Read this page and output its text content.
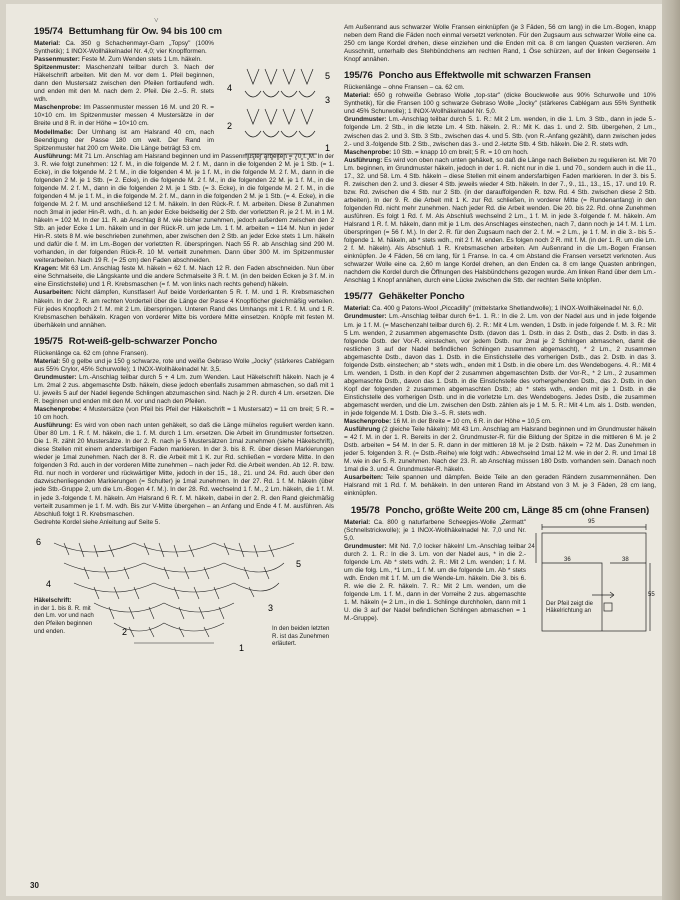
˅
195/74 Bettumhang für Ow. 94 bis 100 cm
5
3
1
4
2
Material: Ca. 350 g Schachenmayr-Garn „Topsy" (100% Synthetik); 1 INOX-Wollhäkelnadel Nr. 4,0; vier Knopfformen.
Passenmuster: Feste M. Zum Wenden stets 1 Lm. häkeln.
Spitzenmuster: Maschenzahl teilbar durch 3. Nach der Häkelschrift arbeiten. Mit den M. vor dem 1. Pfeil beginnen, dann den Mustersatz zwischen den Pfeilen fortlaufend wdh. und enden mit den M. nach dem 2. Pfeil. Die 2.–5. R. stets wdh.
Maschenprobe: Im Passenmuster messen 16 M. und 20 R. = 10×10 cm. Im Spitzenmuster messen 4 Mustersätze in der Breite und 8 R. in der Höhe = 10×10 cm.
Modellmaße: Der Umhang ist am Halsrand 40 cm, nach Beendigung der Passe 180 cm weit. Der Rand im Spitzenmuster hat 200 cm Weite. Die Länge beträgt 53 cm.
Ausführung: Mit 71 Lm. Anschlag am Halsrand beginnen und im Passenmuster arbeiten = 70 f. M. In der 3. R. wie folgt zunehmen: 12 f. M., in die folgende M. 2 f. M., dann in die folgenden 2 M. je 1 Stb. (= 1. Ecke), in die folgende M. 2 f. M., in die folgenden 4 M. je 1 f. M., in die folgende M. 2 f. M., dann in die folgenden 2 M. je 1 Stb. (= 2. Ecke), in die folgende M. 2 f. M., in die folgenden 22 M. je 1 f. M., in die folgende M. 2 f. M., dann in die folgenden 2 M. je 1 Stb. (= 3. Ecke), in die folgende M. 2 f. M., in die folgenden 4 M. je 1 f. M., in die folgende M. 2 f. M., dann in die folgenden 2 M. je 1 Stb. (= 4. Ecke), in die folgende M. 2 f. M. und anschließend 12 f. M. häkeln. In den Rück-R. f. M. arbeiten. Diese 8 Zunahmen noch 3mal in jeder Hin-R. wdh., d. h. an jeder Ecke beidseitig der 2 Stb. der vorletzten R. je 2 f. M. in 1 M. häkeln = 102 M. In der 11. R. ab Anschlag 8 M. wie bisher zunehmen, jedoch außerdem zwischen den 2 Stb. an jeder Ecke 1 Lm. häkeln und in der Rück-R. um jede Lm. 1 f. M. arbeiten = 114 M. Nun in jeder Hin-R. stets 8 M. wie beschrieben zunehmen, aber zwischen den 2 Stb. an jeder Ecke stets 1 Lm. häkeln und dafür die f. M. im Lm.-Bogen der vorletzten R. überspringen. Nach 55 R. ab Anschlag sind 290 M. vorhanden, in der folgenden Rück-R. 10 M. verteilt zunehmen. Dann über 300 M. im Spitzenmuster weiterarbeiten. Nach 19 R. (= 25 cm) den Faden abschneiden.
Kragen: Mit 63 Lm. Anschlag feste M. häkeln = 62 f. M. Nach 12 R. den Faden abschneiden. Nun über eine Schmalseite, die Längskante und die andere Schmalseite 3 R. f. M. (in den beiden Ecken je 3 f. M. in eine Einstichstelle) und 1 R. Krebsmaschen (= f. M. von links nach rechts gehend) häkeln.
Ausarbeiten: Nicht dämpfen, Kunstfaser! Auf beide Vorderkanten 5 R. f. M. und 1 R. Krebsmaschen häkeln. In der 2. R. am rechten Vorderteil über die Länge der Passe 4 Knopflöcher gleichmäßig verteilen. Für jedes Knopfloch 2 f. M. mit 2 Lm. überspringen. Unteren Rand des Umhangs mit 1 R. f. M. und 1 R. Krebsmaschen behäkeln. Kragen von vorderer Mitte bis vordere Mitte einsetzen. Knöpfe mit festen M. überhäkeln und annähen.
195/75 Rot-weiß-gelb-schwarzer Poncho
Rückenlänge ca. 62 cm (ohne Fransen).
Material: 50 g gelbe und je 150 g schwarze, rote und weiße Gebraso Wolle „Jocky" (stärkeres Cablégarn aus 55% Crylor, 45% Schurwolle); 1 INOX-Wollhäkelnadel Nr. 3,5.
Grundmuster: Lm.-Anschlag teilbar durch 5 + 4 Lm. zum Wenden. Laut Häkelschrift häkeln. Nach je 4 Lm. 2mal 2 zus. abgemaschte Dstb. häkeln, diese jedoch ebenfalls zusammen abmaschen, so daß mit 1 U. jeweils 5 auf der Nadel liegende Schlingen abzumaschen sind. Nach je 2 R. durch 4 Lm. ersetzen. Die R. beginnen und enden mit den M. vor und nach den Pfeilen.
Maschenprobe: 4 Mustersätze (von Pfeil bis Pfeil der Häkelschrift = 1 Mustersatz) = 11 cm breit; 5 R. = 10 cm hoch.
Ausführung: Es wird von oben nach unten gehäkelt, so daß die Länge mühelos reguliert werden kann. Über 80 Lm. 1 R. f. M. häkeln, die 1. f. M. durch 1 Lm. ersetzen. Die Arbeit im Grundmuster fortsetzen. Die 1. R. zählt 20 Mustersätze. In der 2. R. nach je 5 Mustersätzen 1mal zunehmen (siehe Häkelschrift), diese Stellen mit einem andersfarbigen Faden markieren. In der 3. bis 8. R. über diesen Markierungen wieder je 1mal zunehmen. Nach der 8. R. die Arbeit mit 1 K. zur Rd. schließen = vordere Mitte. In den folgenden 3 Rd. auch in der vorderen Mitte zunehmen – nach jeder Rd. die Arbeit wenden. Ab 12. R. bzw. Rd. nur noch in vorderer und rückwärtiger Mitte, jedoch in der 15., 18., 21. und 24. Rd. auch über den dazwischenliegenden Markierungen (= Schulter) je 1mal zunehmen. In der 27. Rd. 1 f. M. häkeln (über jede Stb.-Gruppe 2, um die Lm.-Bogen 4 f. M.). In der 28. Rd. wechselnd 1 f. M., 2 Lm. häkeln, die 1 f. M. in jede 3.-folgende f. M. häkeln. Am Halsrand 6 R. f. M. häkeln, dabei in der 2. R. den Rand gleichmäßig verteilt zusammen je 1 f. M. wdh. Bis zur V-Mitte übergehen – an Anfang und Ende 4 f. M. ausführen. Als Abschluß folgt 1 R. Krebsmaschen.
Gedrehte Kordel siehe Anleitung auf Seite 5.
6
4
2
5
3
1
Häkelschrift:
in der 1. bis 8. R. mit den Lm. vor und nach den Pfeilen beginnen und enden.	In den beiden letzten R. ist das Zunehmen erläutert.
Am Außenrand aus schwarzer Wolle Fransen einknüpfen (je 3 Fäden, 56 cm lang) in die Lm.-Bogen, knapp neben dem Rand die Fäden noch einmal versetzt verknoten. Für den Zugsaum aus schwarzer Wolle eine ca. 250 cm lange Kordel drehen, diese einziehen und die Enden mit ca. 8 cm langen Quasten verzieren. Am Ausschnitt, unterhalb des Stehbündchens am rechten Rand, 1 Öse schürzen, auf der linken Gegenseite 1 Knopf annähen.
195/76 Poncho aus Effektwolle mit schwarzen Fransen
Rückenlänge – ohne Fransen – ca. 62 cm.
Material: 650 g rohweiße Gebraso Wolle „top-star" (dicke Bouclewolle aus 90% Schurwolle und 10% Synthetik), für die Fransen 100 g schwarze Gebraso Wolle „Jocky" (stärkeres Cablégarn aus 55% Synthetik und 45% Schurwolle); 1 INOX-Wollhäkelnadel Nr. 5,0.
Grundmuster: Lm.-Anschlag teilbar durch 5. 1. R.: Mit 2 Lm. wenden, in die 1. Lm. 3 Stb., dann in jede 5.-folgende Lm. 2 Stb., in die letzte Lm. 4 Stb. häkeln. 2. R.: Mit K. das 1. und 2. Stb. übergehen, 2 Lm., zwischen das 2. und 3. Stb. 3 Stb., zwischen das 4. und 5. Stb. (von R.-Anfang gezählt), dann zwischen jedes 2.- und 3.-folgende Stb. 2 Stb., zwischen das 3.- und 2.-letzte Stb. 4 Stb. häkeln. Die 2. R. stets wdh.
Maschenprobe: 10 Stb. = knapp 10 cm breit; 5 R. = 10 cm hoch.
Ausführung: Es wird von oben nach unten gehäkelt, so daß die Länge nach Belieben zu regulieren ist. Mit 70 Lm. beginnen, im Grundmuster häkeln, jedoch in der 1. R. nicht nur in die 1. und 70., sondern auch in die 11., 17., 32. und 58. Lm. 4 Stb. häkeln – diese Stellen mit einem andersfarbigen Faden markieren. In der 3. bis 5. R. zwischen den 2. und 3. dieser 4 Stb. jeweils wieder 4 Stb. häkeln. In der 7., 9., 11., 13., 15., 17. und 19. R. bzw. Rd. zwischen die 4 Stb. nur 2 Stb. (in der darauffolgenden R. bzw. Rd. 4 Stb. zwischen diese 2 Stb. arbeiten). In der 9. R. die Arbeit mit 1 K. zur Rd. schließen, in vorderer Mitte (= Rundenanfang) in den folgenden Rd. nicht mehr zunehmen. Nach jeder Rd. die Arbeit wenden. Die 20. bis 22. Rd. ohne Zunehmen ausführen. Es folgt 1 Rd. f. M. Als Abschluß wechselnd 2 Lm., 1 f. M. in jede 3.-folgende f. M. häkeln. Am Halsrand 1 R. f. M. häkeln, dann mit je 1 Lm. des Anschlages einstechen, nach 7, dann noch je 14 f. M. 1 Lm. überspringen (= 56 f. M.). In der 2. R. für den Zugsaum nach der 2. f. M. = 2 Lm., je 1 f. M. in die 3.- bis 5.-folgende 1. M. häkeln, ab * stets wdh., mit 2 f. M. enden. Es folgen noch 2 R. mit f. M. (in der 1. R. um die Lm. 2 f. M. häkeln). Als Abschluß 1 R. Krebsmaschen arbeiten. Am Außenrand in die Lm.-Bogen Fransen einknüpfen. Je 4 Fäden, 56 cm lang, für 1 Franse. In ca. 4 cm Abstand die Fransen versetzt verknoten. Aus schwarzer Wolle eine ca. 2,60 m lange Kordel drehen, an den Enden ca. 8 cm lange Quasten anbringen, nachdem die Kordel durch die Öffnungen des Halsbündchens gezogen wurde. Am linken Rand über dem Lm.-Anschlag 1 Knopf annähen, durch eine Lücke zwischen die Stb. der rechten Seite knöpfen.
195/77 Gehäkelter Poncho
Material: Ca. 400 g Patons-Wool „Piccadilly" (mittelstarke Shetlandwolle); 1 INOX-Wollhäkelnadel Nr. 6,0.
Grundmuster: Lm.-Anschlag teilbar durch 6+1. 1. R.: In die 2. Lm. von der Nadel aus und in jede folgende Lm. je 1 f. M. (= Maschenzahl teilbar durch 6). 2. R.: Mit 4 Lm. wenden, 1 Dstb. in jede folgende f. M. 3. R.: Mit 5 Lm. wenden, 2 zusammen abgemaschte Dstb. (davon das 1. Dstb. in das 2. Dstb., das 2. Dstb. in das 3. folgende Dstb. der Vor-R. einstechen, vor jedem Dstb. nur 2mal je 2 Schlingen abmaschen, damit die restlichen 3 auf der Nadel befindlichen Schlingen zusammen abgemascht), * 2 Lm., 2 zusammen abgemaschte Dstb., davon das 1. Dstb. in die Einstichstelle des vorherigen Dstb., das 2. Dstb. in das 3. folgende Dstb. einstechen; ab * stets wdh., enden mit 1 Dstb. in die obere Lm. des Wendebogens. 4. R.: Mit 4 Lm. wenden, 1 Dstb. in den Kopf der 2 zusammen abgemaschten Dstb. der Vor-R., * 2 Lm., 2 zusammen abgemaschte Dstb., davon das 1. Dstb. in die Einstichstelle des vorhergehenden Dstb., das 2. Dstb. in den Kopf der folgenden 2 zusammen abgemaschten Dstb.; ab * stets wdh., enden mit je 1 Dstb. in die Einstichstelle des vorherigen Dstb. und in die vorletzte Lm. des Wendebogens. Jedes Dstb., die zusammen abgemascht werden, und die Lm. zwischen den Dstb. zählen als je 1 M. 5. R.: Mit 4 Lm. als 1. Dstb. wenden, in jede folgende M. 1 Dstb. Die 3.–5. R. stets wdh.
Maschenprobe: 16 M. in der Breite = 10 cm, 6 R. in der Höhe = 10,5 cm.
Ausführung (2 gleiche Teile häkeln): Mit 43 Lm. Anschlag am Halsrand beginnen und im Grundmuster häkeln = 42 f. M. in der 1. R. Bereits in der 2. Grundmuster-R. für die Bildung der Spitze in die mittleren 6 M. je 2 Dstb. arbeiten = 54 M. In der 5. R. dann in der mittleren 18 M. je 2 Dstb. häkeln = 72 M. Das Zunehmen in jeder 5. folgenden 3. R. (= Dstb.-Reihe) wie folgt wdh.: Abwechselnd 1mal 12 M. wie in der 2. R. und 1mal 18 M. wie in der 5. R. zunehmen. Nach der 23. R. ab Anschlag müssen 180 Dstb. vorhanden sein. Danach noch 1mal die 3. und 4. Grundmuster-R. häkeln.
Ausarbeiten: Teile spannen und dämpfen. Beide Teile an den geraden Rändern zusammennähen. Den Halsrand mit 1 Rd. f. M. behäkeln. In den unteren Rand im Abstand von 3 M. je 3 Fäden, 28 cm lang, einknüpfen.
195/78 Poncho, größte Weite 200 cm, Länge 85 cm (ohne Fransen)
95
36	38
24
55
Der Pfeil zeigt die Häkelrichtung an
Material: Ca. 800 g naturfarbene Scheepjes-Wolle „Zermatt" (Schnellstrickwolle); je 1 INOX-Wollhäkelnadel Nr. 7,0 und Nr. 5,0.
Grundmuster: Mit Nd. 7,0 locker häkeln! Lm.-Anschlag teilbar durch 2. 1. R.: In die 3. Lm. von der Nadel aus, * in die 2.-folgende Lm. Ab * stets wdh. 2. R.: Mit 2 Lm. wenden; 1 f. M. um die folg. Lm., *1 Lm., 1 f. M. um die folgende Lm. Ab * stets wdh. Enden mit 1 f. M. um die Wende-Lm. häkeln. Die 3. bis 6. R. wie die 2. R. häkeln. 7. R.: Mit 2 Lm. wenden, um die folgende Lm. 1 f. M., dann in der Vorreihe 2 zus. abgemaschte 1. M. häkeln (= 2 Lm., in die 1. Schlinge durchholen, dann mit 1 U. die 3 auf der Nadel befindlichen Schlingen abmaschen = 1 M.-Gruppe).
30
